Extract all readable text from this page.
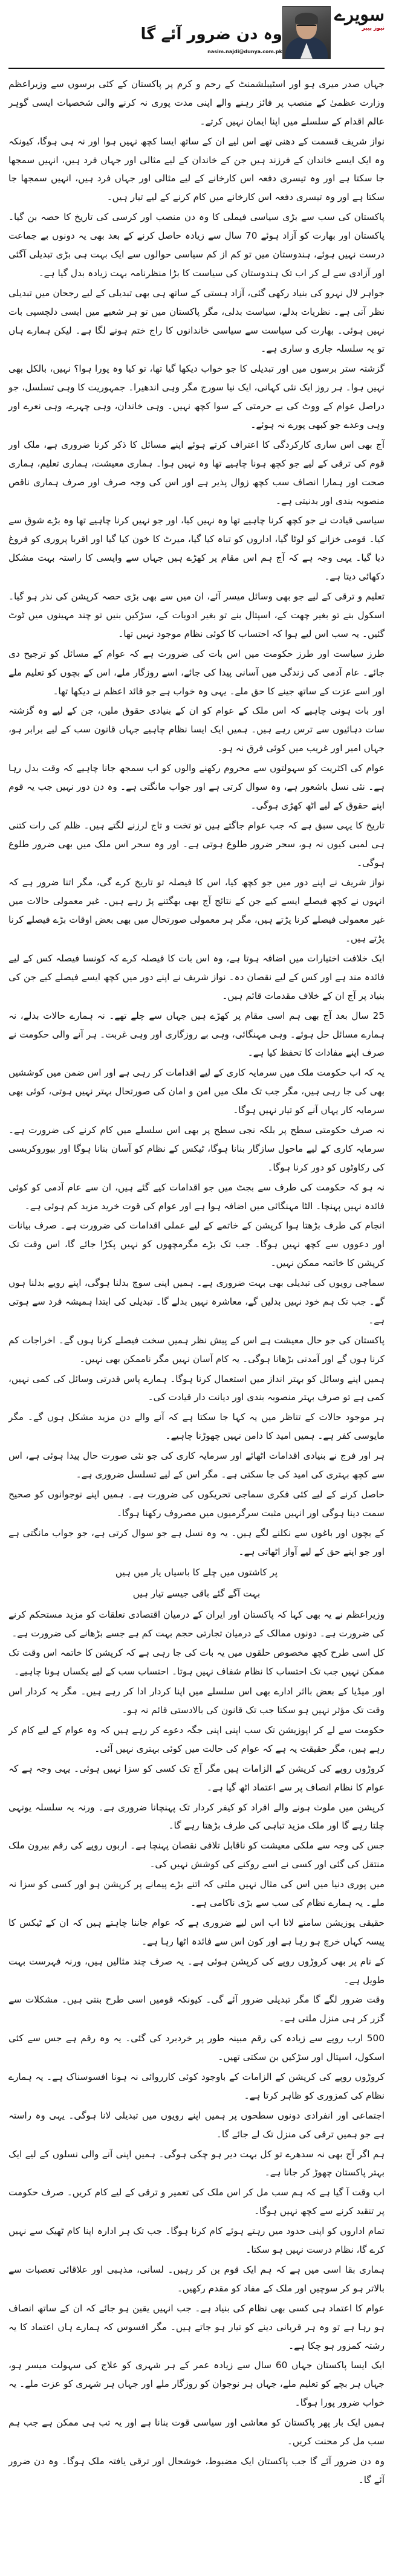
سویرے
نیوز پیپر
وہ دن ضرور آئے گا
nasim.najdi@dunya.com.pk

جہاں صدر میری ہو اور اسٹیبلشمنٹ کے رحم و کرم پر پاکستان کے کئی برسوں سے وزیراعظم وزارت عظمیٰ کے منصب پر فائز رہنے والے اپنی مدت پوری نہ کرنے والی شخصیات ایسی گوہر عالم اقدام کے سلسلے میں اپنا ایمان نہیں کرتے۔

نواز شریف قسمت کے دھنی تھے اس لیے ان کے ساتھ ایسا کچھ نہیں ہوا اور نہ ہی ہوگا، کیونکہ وہ ایک ایسے خاندان کے فرزند ہیں جن کے خاندان کے لیے مثالی اور جہاں فرد ہیں، انہیں سمجھا جا سکتا ہے اور وہ تیسری دفعہ اس کارخانے کے لیے مثالی اور جہاں فرد ہیں، انہیں سمجھا جا سکتا ہے اور وہ تیسری دفعہ اس کارخانے میں کام کرنے کے لیے تیار ہیں۔

پاکستان کی سب سے بڑی سیاسی فیملی کا وہ دن منصب اور کرسی کی تاریخ کا حصہ بن گیا۔ پاکستان اور بھارت کو آزاد ہوئے 70 سال سے زیادہ حاصل کرنے کے بعد بھی یہ دونوں بے جماعت درست نہیں ہوئے، ہندوستان میں تو کم از کم سیاسی حوالوں سے ایک بہت ہی بڑی تبدیلی آگئی اور آزادی سے لے کر اب تک ہندوستان کی سیاست کا بڑا منظرنامہ بہت زیادہ بدل گیا ہے۔

جواہر لال نہرو کی بنیاد رکھی گئی، آزاد ہستی کے ساتھ ہی بھی تبدیلی کے لیے رجحان میں تبدیلی نظر آتی ہے۔ نظریات بدلے، سیاست بدلی، مگر پاکستان میں تو ہر شعبے میں ایسی دلچسپی بات نہیں ہوئی۔ بھارت کی سیاست سے سیاسی خاندانوں کا راج ختم ہونے لگا ہے۔ لیکن ہمارے ہاں تو یہ سلسلہ جاری و ساری ہے۔

گزشتہ ستر برسوں میں اور تبدیلی کا جو خواب دیکھا گیا تھا، تو کیا وہ پورا ہوا؟ نہیں، بالکل بھی نہیں ہوا۔ ہر روز ایک نئی کہانی، ایک نیا سورج مگر وہی اندھیرا۔ جمہوریت کا وہی تسلسل، جو دراصل عوام کے ووٹ کی بے حرمتی کے سوا کچھ نہیں۔ وہی خاندان، وہی چہرے، وہی نعرے اور وہی وعدے جو کبھی پورے نہ ہوئے۔

آج بھی اس ساری کارکردگی کا اعتراف کرتے ہوئے اپنے مسائل کا ذکر کرنا ضروری ہے، ملک اور قوم کی ترقی کے لیے جو کچھ ہونا چاہیے تھا وہ نہیں ہوا۔ ہماری معیشت، ہماری تعلیم، ہماری صحت اور ہمارا انصاف سب کچھ زوال پذیر ہے اور اس کی وجہ صرف اور صرف ہماری ناقص منصوبہ بندی اور بدنیتی ہے۔

سیاسی قیادت نے جو کچھ کرنا چاہیے تھا وہ نہیں کیا، اور جو نہیں کرنا چاہیے تھا وہ بڑے شوق سے کیا۔ قومی خزانے کو لوٹا گیا، اداروں کو تباہ کیا گیا، میرٹ کا خون کیا گیا اور اقربا پروری کو فروغ دیا گیا۔ یہی وجہ ہے کہ آج ہم اس مقام پر کھڑے ہیں جہاں سے واپسی کا راستہ بہت مشکل دکھائی دیتا ہے۔

تعلیم و ترقی کے لیے جو بھی وسائل میسر آئے، ان میں سے بھی بڑی حصہ کرپشن کی نذر ہو گیا۔ اسکول بنے تو بغیر چھت کے، اسپتال بنے تو بغیر ادویات کے، سڑکیں بنیں تو چند مہینوں میں ٹوٹ گئیں۔ یہ سب اس لیے ہوا کہ احتساب کا کوئی نظام موجود نہیں تھا۔

طرز سیاست اور طرز حکومت میں اس بات کی ضرورت ہے کہ عوام کے مسائل کو ترجیح دی جائے۔ عام آدمی کی زندگی میں آسانی پیدا کی جائے، اسے روزگار ملے، اس کے بچوں کو تعلیم ملے اور اسے عزت کے ساتھ جینے کا حق ملے۔ یہی وہ خواب ہے جو قائد اعظم نے دیکھا تھا۔

اور بات ہونی چاہیے کہ اس ملک کے عوام کو ان کے بنیادی حقوق ملیں، جن کے لیے وہ گزشتہ سات دہائیوں سے ترس رہے ہیں۔ ہمیں ایک ایسا نظام چاہیے جہاں قانون سب کے لیے برابر ہو، جہاں امیر اور غریب میں کوئی فرق نہ ہو۔

عوام کی اکثریت کو سہولتوں سے محروم رکھنے والوں کو اب سمجھ جانا چاہیے کہ وقت بدل رہا ہے۔ نئی نسل باشعور ہے، وہ سوال کرتی ہے اور جواب مانگتی ہے۔ وہ دن دور نہیں جب یہ قوم اپنے حقوق کے لیے اٹھ کھڑی ہوگی۔

تاریخ کا یہی سبق ہے کہ جب عوام جاگتے ہیں تو تخت و تاج لرزنے لگتے ہیں۔ ظلم کی رات کتنی ہی لمبی کیوں نہ ہو، سحر ضرور طلوع ہوتی ہے۔ اور وہ سحر اس ملک میں بھی ضرور طلوع ہوگی۔

نواز شریف نے اپنے دور میں جو کچھ کیا، اس کا فیصلہ تو تاریخ کرے گی، مگر اتنا ضرور ہے کہ انہوں نے کچھ فیصلے ایسے کیے جن کے نتائج آج بھی بھگتنے پڑ رہے ہیں۔ غیر معمولی حالات میں غیر معمولی فیصلے کرنا پڑتے ہیں، مگر ہر معمولی صورتحال میں بھی بعض اوقات بڑے فیصلے کرنا پڑتے ہیں۔

ایک خلافت اختیارات میں اضافہ ہوتا ہے، وہ اس بات کا فیصلہ کرے کہ کونسا فیصلہ کس کے لیے فائدہ مند ہے اور کس کے لیے نقصان دہ۔ نواز شریف نے اپنے دور میں کچھ ایسے فیصلے کیے جن کی بنیاد پر آج ان کے خلاف مقدمات قائم ہیں۔

25 سال بعد آج بھی ہم اسی مقام پر کھڑے ہیں جہاں سے چلے تھے۔ نہ ہمارے حالات بدلے، نہ ہمارے مسائل حل ہوئے۔ وہی مہنگائی، وہی بے روزگاری اور وہی غربت۔ ہر آنے والی حکومت نے صرف اپنے مفادات کا تحفظ کیا ہے۔

یہ کہ اب حکومت ملک میں سرمایہ کاری کے لیے اقدامات کر رہی ہے اور اس ضمن میں کوششیں بھی کی جا رہی ہیں، مگر جب تک ملک میں امن و امان کی صورتحال بہتر نہیں ہوتی، کوئی بھی سرمایہ کار یہاں آنے کو تیار نہیں ہوگا۔

نہ صرف حکومتی سطح پر بلکہ نجی سطح پر بھی اس سلسلے میں کام کرنے کی ضرورت ہے۔ سرمایہ کاری کے لیے ماحول سازگار بنانا ہوگا، ٹیکس کے نظام کو آسان بنانا ہوگا اور بیوروکریسی کی رکاوٹوں کو دور کرنا ہوگا۔

نہ ہو کہ حکومت کی طرف سے بجٹ میں جو اقدامات کیے گئے ہیں، ان سے عام آدمی کو کوئی فائدہ نہیں پہنچا۔ الٹا مہنگائی میں اضافہ ہوا ہے اور عوام کی قوت خرید مزید کم ہوئی ہے۔

انجام کی طرف بڑھتا ہوا کرپشن کے خاتمے کے لیے عملی اقدامات کی ضرورت ہے۔ صرف بیانات اور دعووں سے کچھ نہیں ہوگا۔ جب تک بڑے مگرمچھوں کو نہیں پکڑا جائے گا، اس وقت تک کرپشن کا خاتمہ ممکن نہیں۔

سماجی رویوں کی تبدیلی بھی بہت ضروری ہے۔ ہمیں اپنی سوچ بدلنا ہوگی، اپنے رویے بدلنا ہوں گے۔ جب تک ہم خود نہیں بدلیں گے، معاشرہ نہیں بدلے گا۔ تبدیلی کی ابتدا ہمیشہ فرد سے ہوتی ہے۔

پاکستان کی جو حال معیشت ہے اس کے پیش نظر ہمیں سخت فیصلے کرنا ہوں گے۔ اخراجات کم کرنا ہوں گے اور آمدنی بڑھانا ہوگی۔ یہ کام آسان نہیں مگر ناممکن بھی نہیں۔

ہمیں اپنے وسائل کو بہتر انداز میں استعمال کرنا ہوگا۔ ہمارے پاس قدرتی وسائل کی کمی نہیں، کمی ہے تو صرف بہتر منصوبہ بندی اور دیانت دار قیادت کی۔

ہر موجود حالات کے تناظر میں یہ کہا جا سکتا ہے کہ آنے والے دن مزید مشکل ہوں گے۔ مگر مایوسی کفر ہے۔ ہمیں امید کا دامن نہیں چھوڑنا چاہیے۔

ہر اور فرج نے بنیادی اقدامات اٹھائے اور سرمایہ کاری کی جو نئی صورت حال پیدا ہوئی ہے، اس سے کچھ بہتری کی امید کی جا سکتی ہے۔ مگر اس کے لیے تسلسل ضروری ہے۔

حاصل کرنے کے لیے کئی فکری سماجی تحریکوں کی ضرورت ہے۔ ہمیں اپنے نوجوانوں کو صحیح سمت دینا ہوگی اور انہیں مثبت سرگرمیوں میں مصروف رکھنا ہوگا۔

کے بچوں اور باغوں سے نکلنے لگے ہیں۔ یہ وہ نسل ہے جو سوال کرتی ہے، جو جواب مانگتی ہے اور جو اپنے حق کے لیے آواز اٹھاتی ہے۔

پر کاشتوں میں چلے کا باسیاں یار میں ہیں
بہت آگے گئے باقی جیسے تیار ہیں

وزیراعظم نے یہ بھی کہا کہ پاکستان اور ایران کے درمیان اقتصادی تعلقات کو مزید مستحکم کرنے کی ضرورت ہے۔ دونوں ممالک کے درمیان تجارتی حجم بہت کم ہے جسے بڑھانے کی ضرورت ہے۔

کل اسی طرح کچھ مخصوص حلقوں میں یہ بات کی جا رہی ہے کہ کرپشن کا خاتمہ اس وقت تک ممکن نہیں جب تک احتساب کا نظام شفاف نہیں ہوتا۔ احتساب سب کے لیے یکساں ہونا چاہیے۔

اور میڈیا کے بعض بااثر ادارے بھی اس سلسلے میں اپنا کردار ادا کر رہے ہیں۔ مگر یہ کردار اس وقت تک مؤثر نہیں ہو سکتا جب تک قانون کی بالادستی قائم نہ ہو۔

حکومت سے لے کر اپوزیشن تک سب اپنی اپنی جگہ دعوے کر رہے ہیں کہ وہ عوام کے لیے کام کر رہے ہیں، مگر حقیقت یہ ہے کہ عوام کی حالت میں کوئی بہتری نہیں آئی۔

کروڑوں روپے کی کرپشن کے الزامات ہیں مگر آج تک کسی کو سزا نہیں ہوئی۔ یہی وجہ ہے کہ عوام کا نظام انصاف پر سے اعتماد اٹھ گیا ہے۔

کرپشن میں ملوث ہونے والے افراد کو کیفر کردار تک پہنچانا ضروری ہے۔ ورنہ یہ سلسلہ یونہی چلتا رہے گا اور ملک مزید تباہی کی طرف بڑھتا رہے گا۔

جس کی وجہ سے ملکی معیشت کو ناقابل تلافی نقصان پہنچا ہے۔ اربوں روپے کی رقم بیرون ملک منتقل کی گئی اور کسی نے اسے روکنے کی کوشش نہیں کی۔

میں پوری دنیا میں اس کی مثال نہیں ملتی کہ اتنے بڑے پیمانے پر کرپشن ہو اور کسی کو سزا نہ ملے۔ یہ ہمارے نظام کی سب سے بڑی ناکامی ہے۔

حقیقی پوزیشن سامنے لانا اب اس لیے ضروری ہے کہ عوام جاننا چاہتے ہیں کہ ان کے ٹیکس کا پیسہ کہاں خرچ ہو رہا ہے اور کون اس سے فائدہ اٹھا رہا ہے۔

کے نام پر بھی کروڑوں روپے کی کرپشن ہوئی ہے۔ یہ صرف چند مثالیں ہیں، ورنہ فہرست بہت طویل ہے۔

وقت ضرور لگے گا مگر تبدیلی ضرور آئے گی۔ کیونکہ قومیں اسی طرح بنتی ہیں۔ مشکلات سے گزر کر ہی منزل ملتی ہے۔

500 ارب روپے سے زیادہ کی رقم مبینہ طور پر خردبرد کی گئی۔ یہ وہ رقم ہے جس سے کئی اسکول، اسپتال اور سڑکیں بن سکتی تھیں۔

کروڑوں روپے کی کرپشن کے الزامات کے باوجود کوئی کارروائی نہ ہونا افسوسناک ہے۔ یہ ہمارے نظام کی کمزوری کو ظاہر کرتا ہے۔

اجتماعی اور انفرادی دونوں سطحوں پر ہمیں اپنے رویوں میں تبدیلی لانا ہوگی۔ یہی وہ راستہ ہے جو ہمیں ترقی کی منزل تک لے جائے گا۔

ہم اگر آج بھی نہ سدھرے تو کل بہت دیر ہو چکی ہوگی۔ ہمیں اپنی آنے والی نسلوں کے لیے ایک بہتر پاکستان چھوڑ کر جانا ہے۔

اب وقت آ گیا ہے کہ ہم سب مل کر اس ملک کی تعمیر و ترقی کے لیے کام کریں۔ صرف حکومت پر تنقید کرنے سے کچھ نہیں ہوگا۔

تمام اداروں کو اپنی حدود میں رہتے ہوئے کام کرنا ہوگا۔ جب تک ہر ادارہ اپنا کام ٹھیک سے نہیں کرے گا، نظام درست نہیں ہو سکتا۔

ہماری بقا اسی میں ہے کہ ہم ایک قوم بن کر رہیں۔ لسانی، مذہبی اور علاقائی تعصبات سے بالاتر ہو کر سوچیں اور ملک کے مفاد کو مقدم رکھیں۔

عوام کا اعتماد ہی کسی بھی نظام کی بنیاد ہے۔ جب انہیں یقین ہو جائے کہ ان کے ساتھ انصاف ہو رہا ہے تو وہ ہر قربانی دینے کو تیار ہو جاتے ہیں۔ مگر افسوس کہ ہمارے ہاں اعتماد کا یہ رشتہ کمزور ہو چکا ہے۔

ایک ایسا پاکستان جہاں 60 سال سے زیادہ عمر کے ہر شہری کو علاج کی سہولت میسر ہو، جہاں ہر بچے کو تعلیم ملے، جہاں ہر نوجوان کو روزگار ملے اور جہاں ہر شہری کو عزت ملے۔ یہ خواب ضرور پورا ہوگا۔

ہمیں ایک بار پھر پاکستان کو معاشی اور سیاسی قوت بنانا ہے اور یہ تب ہی ممکن ہے جب ہم سب مل کر محنت کریں۔

وہ دن ضرور آئے گا جب پاکستان ایک مضبوط، خوشحال اور ترقی یافتہ ملک ہوگا۔ وہ دن ضرور آئے گا۔
